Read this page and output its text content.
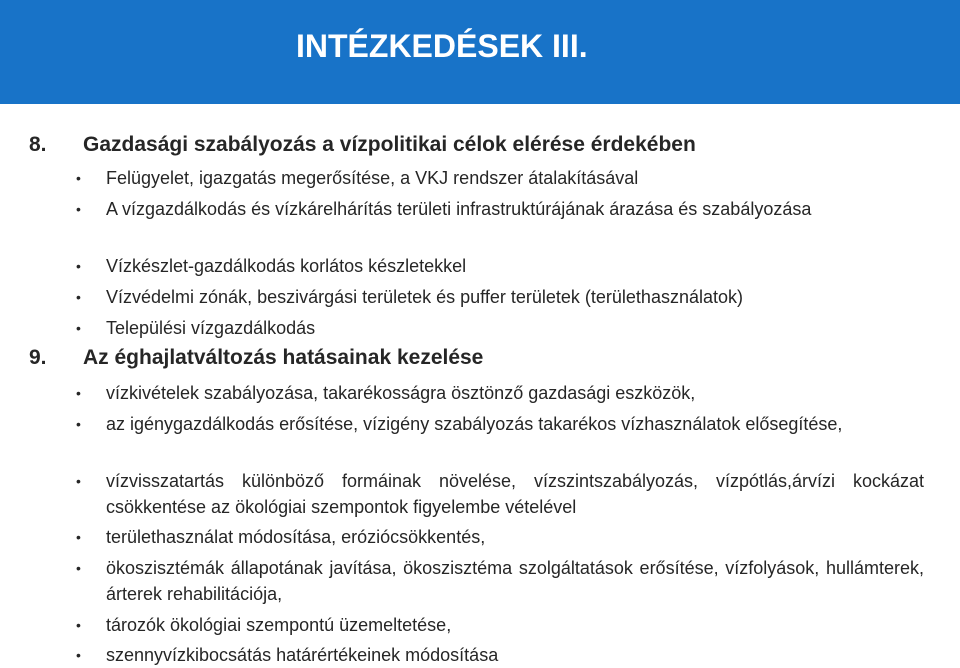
INTÉZKEDÉSEK III.
8. Gazdasági szabályozás a vízpolitikai célok elérése érdekében
• Felügyelet, igazgatás megerősítése, a VKJ rendszer átalakításával
• A vízgazdálkodás és vízkárelhárítás területi infrastruktúrájának árazása és szabályozása
• Vízkészlet-gazdálkodás korlátos készletekkel
• Vízvédelmi zónák, beszivárgási területek és puffer területek (területhasználatok)
• Települési vízgazdálkodás
9. Az éghajlatváltozás hatásainak kezelése
• vízkivételek szabályozása, takarékosságra ösztönző gazdasági eszközök,
• az igénygazdálkodás erősítése, vízigény szabályozás takarékos vízhasználatok elősegítése,
• vízvisszatartás különböző formáinak növelése, vízszintszabályozás, vízpótlás,árvízi kockázat csökkentése az ökológiai szempontok figyelembe vételével
• területhasználat módosítása, eróziócsökkentés,
• ökoszisztémák állapotának javítása, ökoszisztéma szolgáltatások erősítése, vízfolyások, hullámterek, árterek rehabilitációja,
• tározók ökológiai szempontú üzemeltetése,
• szennyvízkibocsátás határértékeinek módosítása
